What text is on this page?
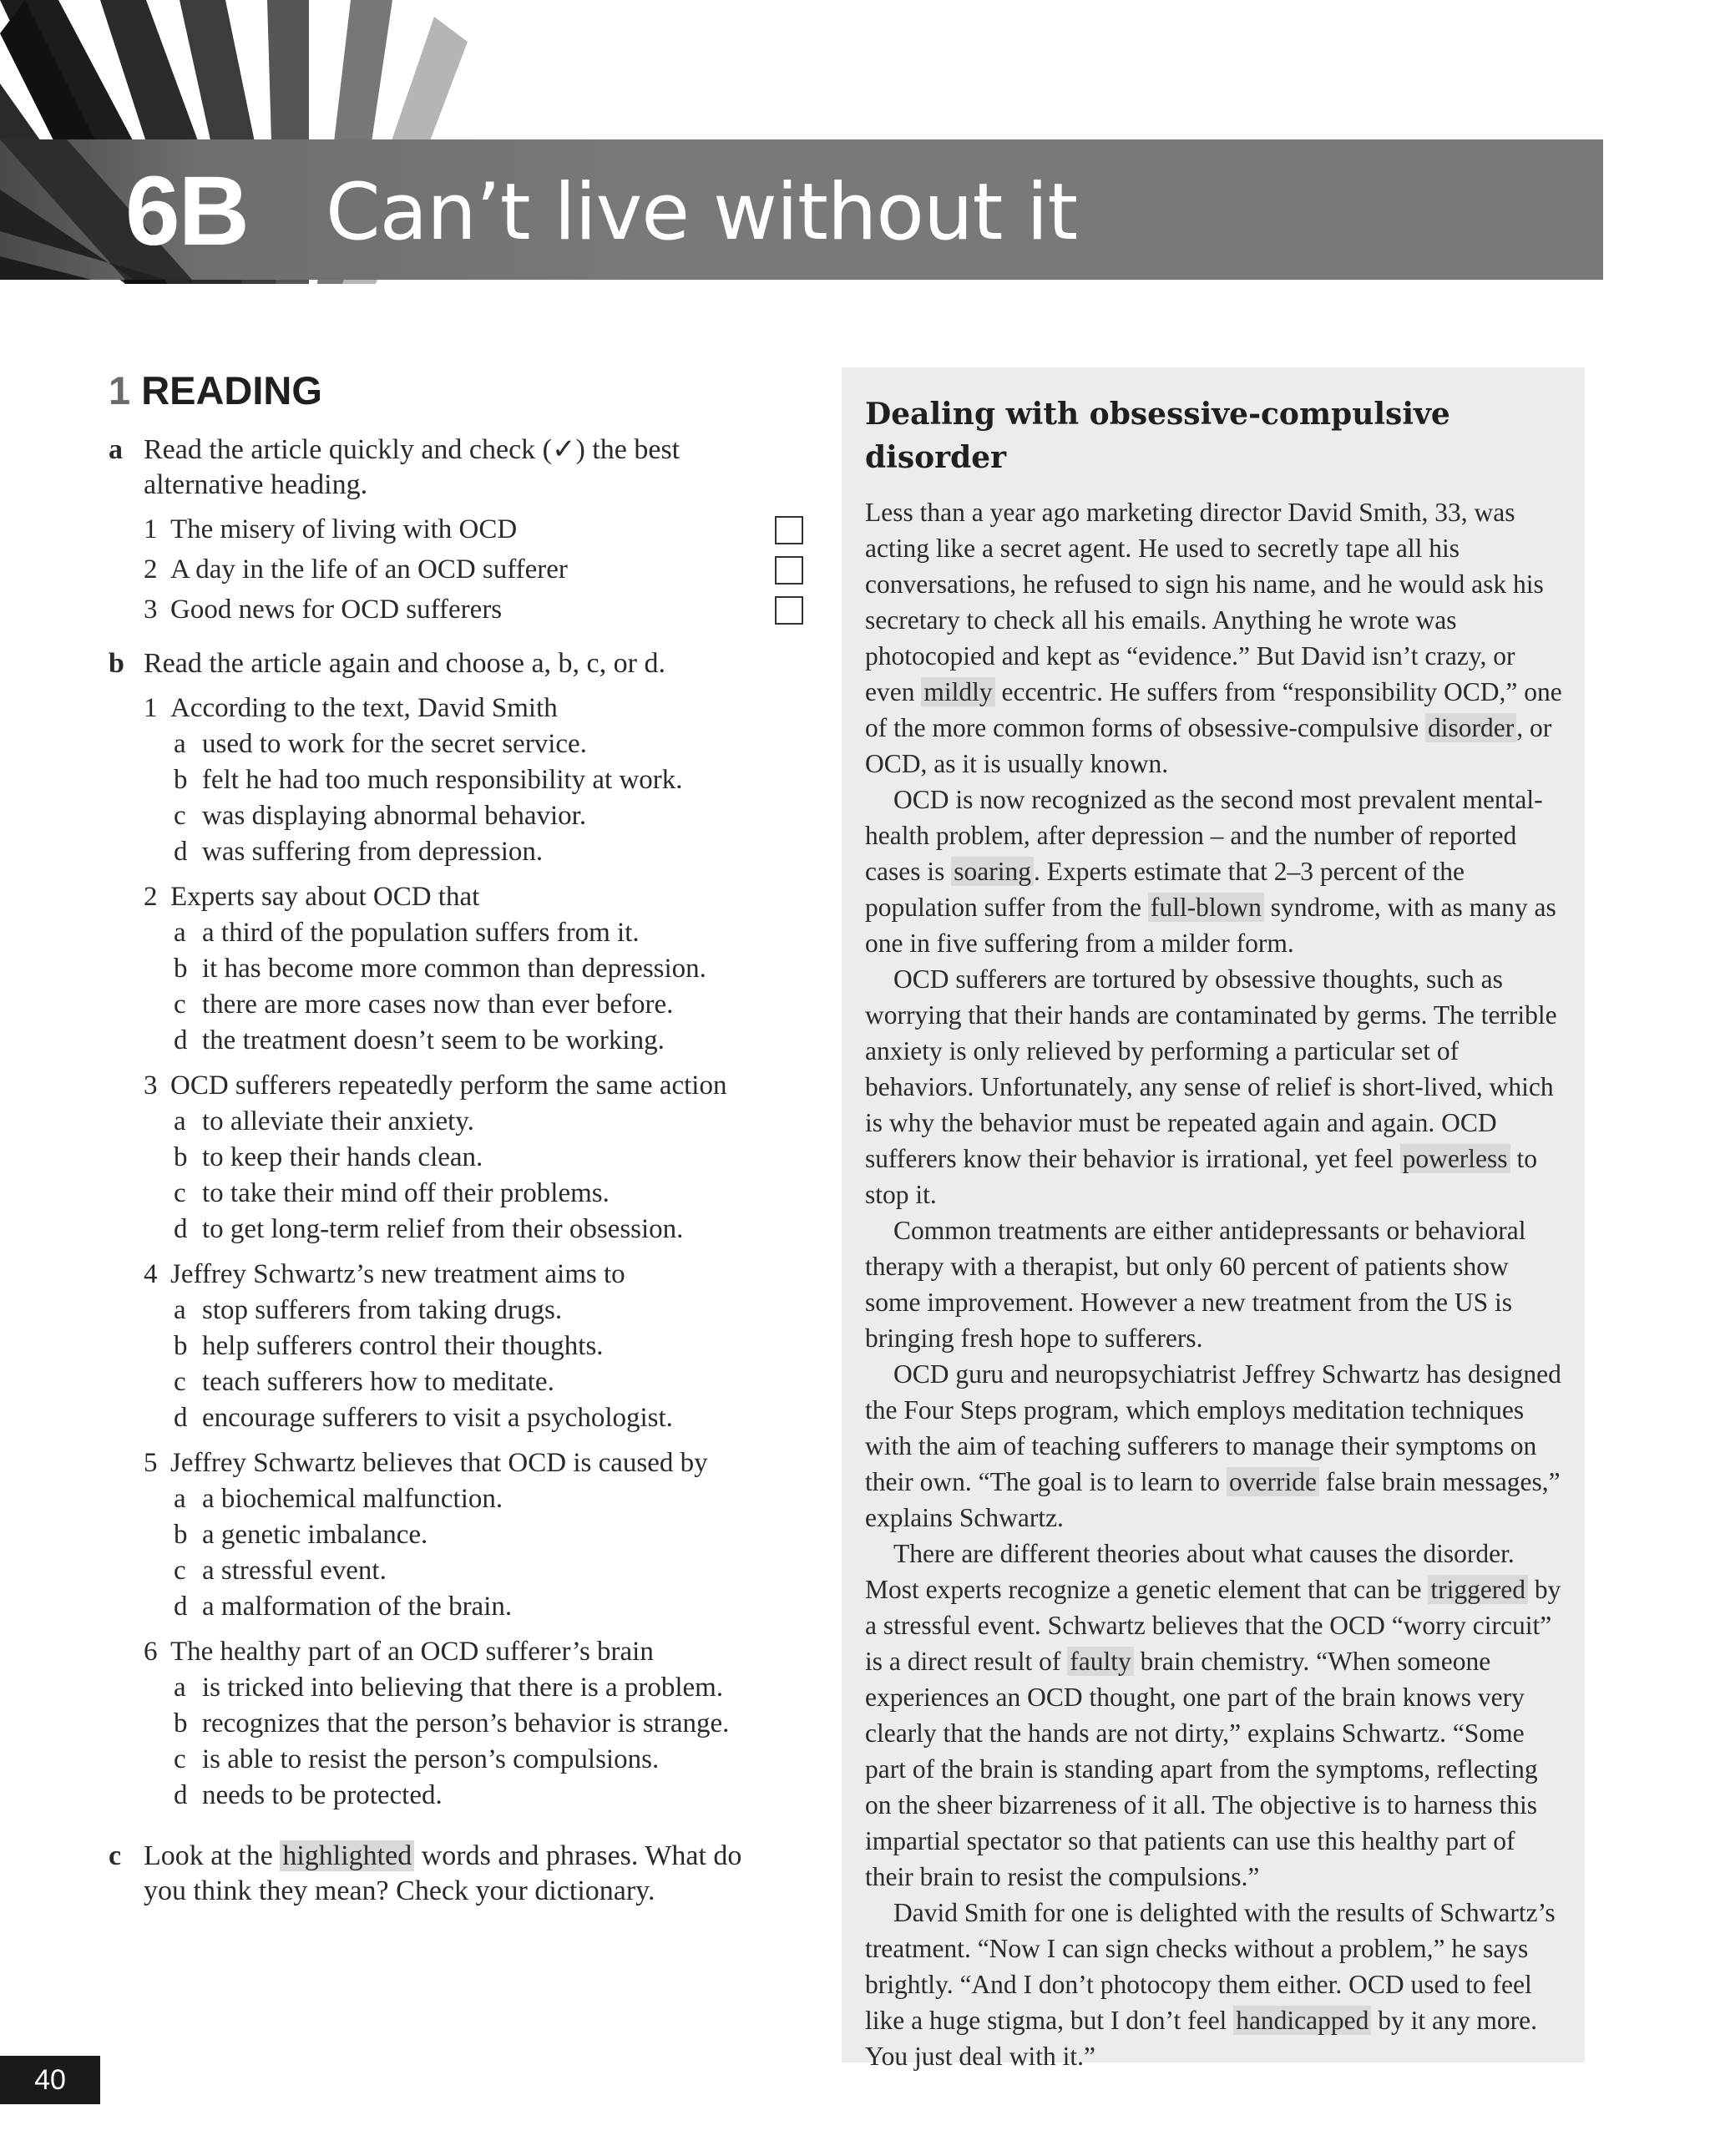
6B Can’t live without it
1 READING
a Read the article quickly and check (✓) the best alternative heading.
1 The misery of living with OCD
2 A day in the life of an OCD sufferer
3 Good news for OCD sufferers
b Read the article again and choose a, b, c, or d.
1 According to the text, David Smith
a used to work for the secret service.
b felt he had too much responsibility at work.
c was displaying abnormal behavior.
d was suffering from depression.
2 Experts say about OCD that
a a third of the population suffers from it.
b it has become more common than depression.
c there are more cases now than ever before.
d the treatment doesn’t seem to be working.
3 OCD sufferers repeatedly perform the same action
a to alleviate their anxiety.
b to keep their hands clean.
c to take their mind off their problems.
d to get long-term relief from their obsession.
4 Jeffrey Schwartz’s new treatment aims to
a stop sufferers from taking drugs.
b help sufferers control their thoughts.
c teach sufferers how to meditate.
d encourage sufferers to visit a psychologist.
5 Jeffrey Schwartz believes that OCD is caused by
a a biochemical malfunction.
b a genetic imbalance.
c a stressful event.
d a malformation of the brain.
6 The healthy part of an OCD sufferer’s brain
a is tricked into believing that there is a problem.
b recognizes that the person’s behavior is strange.
c is able to resist the person’s compulsions.
d needs to be protected.
c Look at the highlighted words and phrases. What do you think they mean? Check your dictionary.
Dealing with obsessive-compulsive disorder

Less than a year ago marketing director David Smith, 33, was acting like a secret agent. He used to secretly tape all his conversations, he refused to sign his name, and he would ask his secretary to check all his emails. Anything he wrote was photocopied and kept as “evidence.” But David isn’t crazy, or even mildly eccentric. He suffers from “responsibility OCD,” one of the more common forms of obsessive-compulsive disorder, or OCD, as it is usually known.

OCD is now recognized as the second most prevalent mental-health problem, after depression – and the number of reported cases is soaring. Experts estimate that 2–3 percent of the population suffer from the full-blown syndrome, with as many as one in five suffering from a milder form.

OCD sufferers are tortured by obsessive thoughts, such as worrying that their hands are contaminated by germs. The terrible anxiety is only relieved by performing a particular set of behaviors. Unfortunately, any sense of relief is short-lived, which is why the behavior must be repeated again and again. OCD sufferers know their behavior is irrational, yet feel powerless to stop it.

Common treatments are either antidepressants or behavioral therapy with a therapist, but only 60 percent of patients show some improvement. However a new treatment from the US is bringing fresh hope to sufferers.

OCD guru and neuropsychiatrist Jeffrey Schwartz has designed the Four Steps program, which employs meditation techniques with the aim of teaching sufferers to manage their symptoms on their own. “The goal is to learn to override false brain messages,” explains Schwartz.

There are different theories about what causes the disorder. Most experts recognize a genetic element that can be triggered by a stressful event. Schwartz believes that the OCD “worry circuit” is a direct result of faulty brain chemistry. “When someone experiences an OCD thought, one part of the brain knows very clearly that the hands are not dirty,” explains Schwartz. “Some part of the brain is standing apart from the symptoms, reflecting on the sheer bizarreness of it all. The objective is to harness this impartial spectator so that patients can use this healthy part of their brain to resist the compulsions.”

David Smith for one is delighted with the results of Schwartz’s treatment. “Now I can sign checks without a problem,” he says brightly. “And I don’t photocopy them either. OCD used to feel like a huge stigma, but I don’t feel handicapped by it any more. You just deal with it.”

40
